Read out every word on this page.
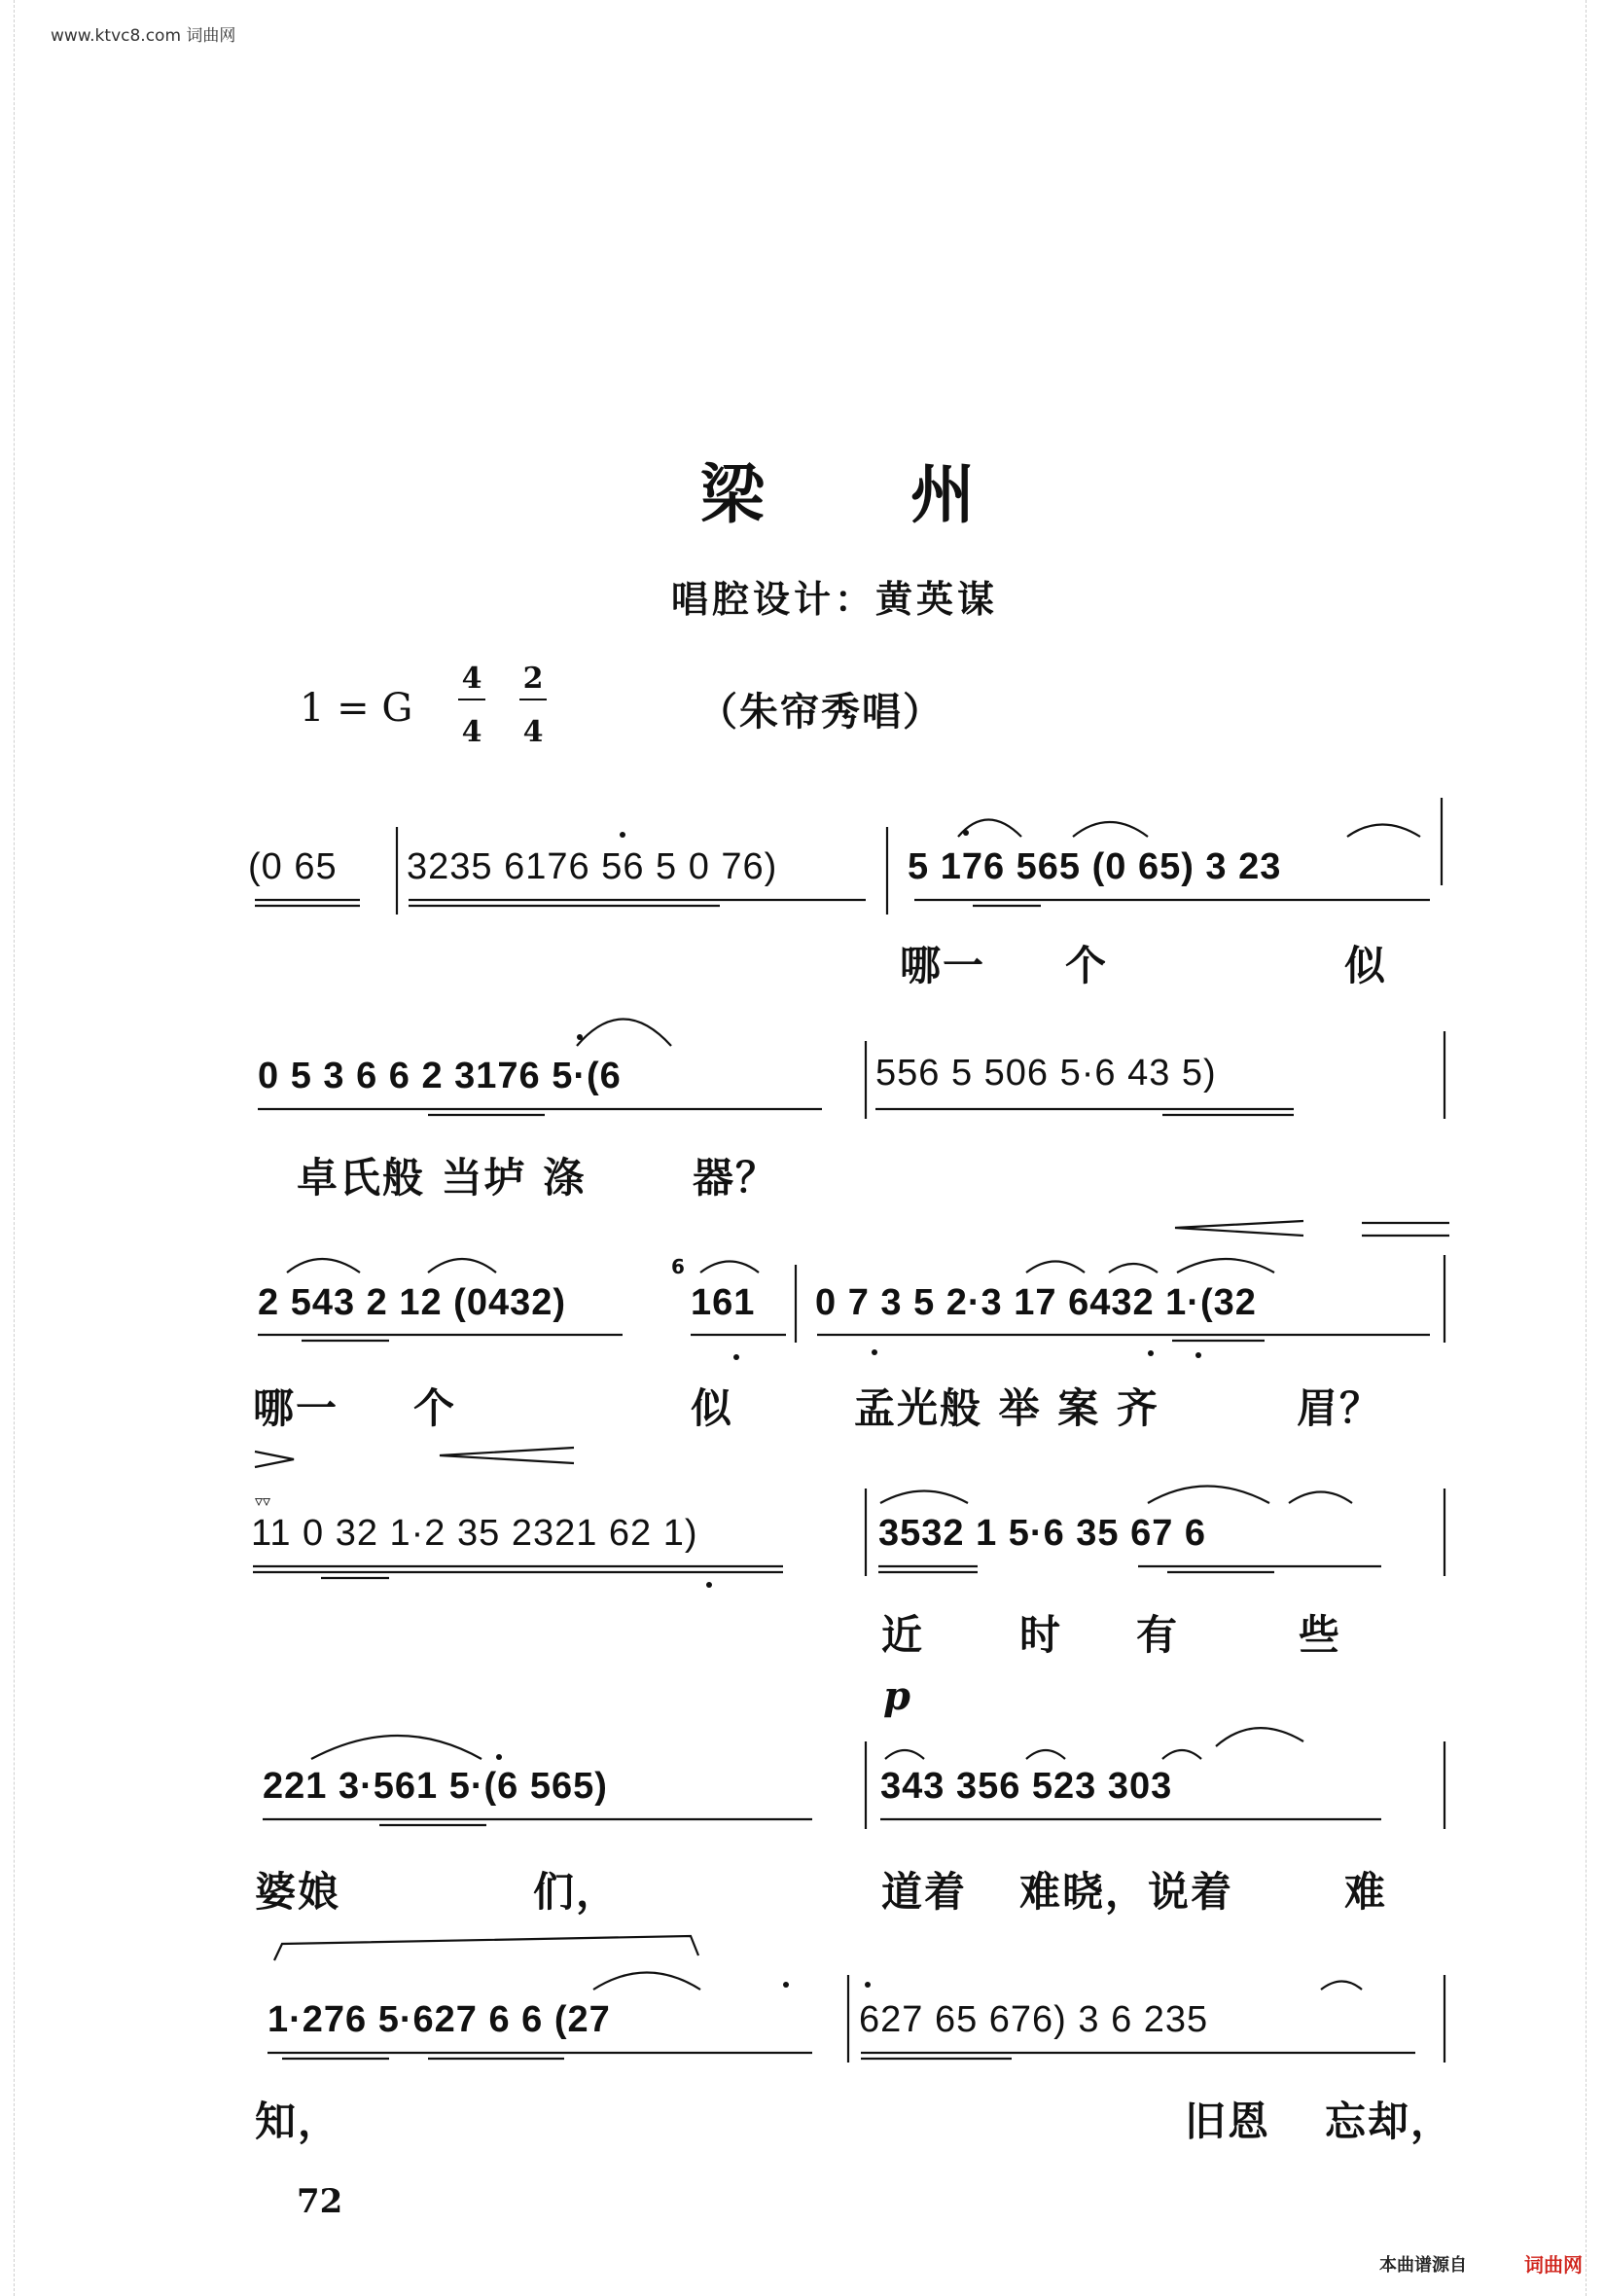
www.ktvc8.com 词曲网
梁州
唱腔设计：黄英谋
1 = G
4
4
2
4	（朱帘秀唱）
(0 65 3235 6176 56 5 0 76)	5 176 565 (0 65) 3 23
哪一 个	似
0 5 3 6 6 2 3176 5·(6	556 5 506 5·6 43 5)
卓氏般 当垆 涤	器？
2 543 2 12 (0432)
6
161 0 7 3 5 2·3 17 6432 1·(32
哪一 个	似	孟光般 举 案 齐	眉？
▿▿
11 0 32 1·2 35 2321 62 1)	3532 1 5·6 35 67 6
近 时 有	些
p
221 3·561 5·(6 565)	343 356 523 303
婆娘	们，	道着 难晓，说着	难
1·276 5·627 6 6 (27	627 65 676) 3 6 235
知，	旧恩 忘却，
72
本曲谱源自	词曲网
